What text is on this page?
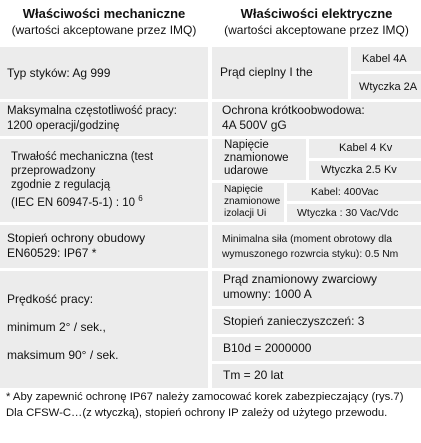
Właściwości mechaniczne
(wartości akceptowane przez IMQ)
Właściwości elektryczne
(wartości akceptowane przez IMQ)
Typ styków: Ag 999
Maksymalna częstotliwość pracy:
1200 operacji/godzinę
Trwałość mechaniczna (test
przeprowadzony
zgodnie z regulacją
(IEC EN 60947-5-1) : 10 $^6$
Stopień ochrony obudowy
EN60529: IP67 *
Prędkość pracy:
minimum 2° / sek.,
maksimum 90° / sek.
Prąd cieplny I the
Kabel 4A
Wtyczka 2A
Ochrona krótkoobwodowa:
4A 500V gG
Napięcie
znamionowe
udarowe
Kabel 4 Kv
Wtyczka 2.5 Kv
Napięcie
znamionowe
izolacji Ui
Kabel: 400Vac
Wtyczka : 30 Vac/Vdc
Minimalna siła (moment obrotowy dla
wymuszonego rozwrcia styku): 0.5 Nm
Prąd znamionowy zwarciowy
umowny: 1000 A
Stopień zanieczyszczeń: 3
B10d = 2000000
Tm = 20 lat
* Aby zapewnić ochronę IP67 należy zamocować korek zabezpieczający (rys.7) Dla CFSW-C…(z wtyczką), stopień ochrony IP zależy od użytego przewodu.
